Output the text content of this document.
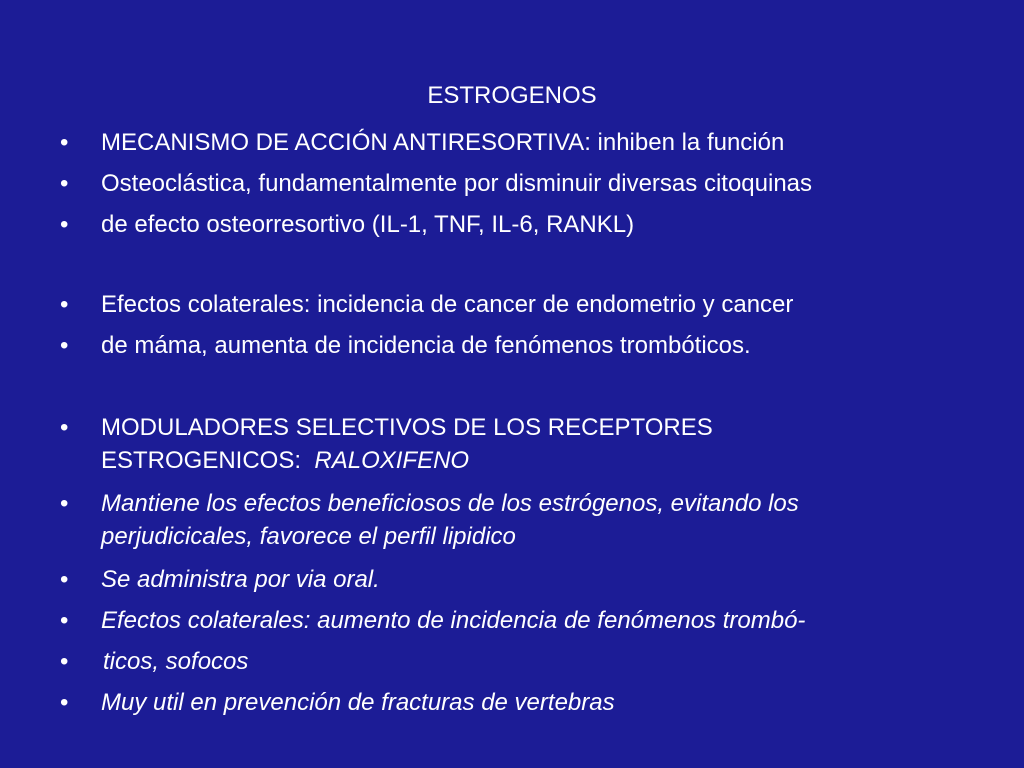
ESTROGENOS
• MECANISMO DE ACCIÓN ANTIRESORTIVA: inhiben la función
• Osteoclástica, fundamentalmente por disminuir diversas citoquinas
• de efecto osteorresortivo (IL-1, TNF, IL-6, RANKL)
• Efectos colaterales: incidencia de cancer de endometrio y cancer
• de máma, aumenta de incidencia de fenómenos trombóticos.
• MODULADORES SELECTIVOS DE LOS RECEPTORES
ESTROGENICOS:  RALOXIFENO
• Mantiene los efectos beneficiosos de los estrógenos, evitando los
perjudicicales, favorece el perfil lipidico
• Se administra por via oral.
• Efectos colaterales: aumento de incidencia de fenómenos trombó-
• ticos, sofocos
• Muy util en prevención de fracturas de vertebras
